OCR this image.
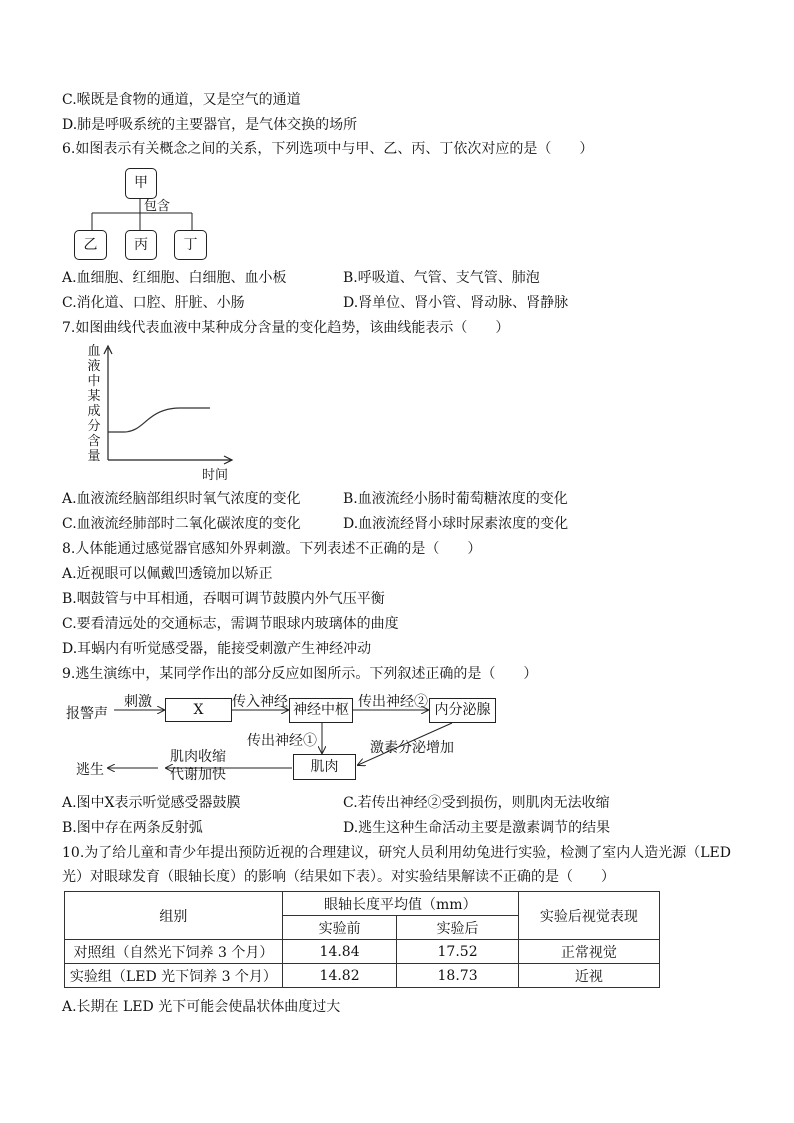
C.喉既是食物的通道，又是空气的通道
D.肺是呼吸系统的主要器官，是气体交换的场所
6.如图表示有关概念之间的关系，下列选项中与甲、乙、丙、丁依次对应的是（　　）
甲
包含
乙	丙	丁
A.血细胞、红细胞、白细胞、血小板	B.呼吸道、气管、支气管、肺泡
C.消化道、口腔、肝脏、小肠	D.肾单位、肾小管、肾动脉、肾静脉
7.如图曲线代表血液中某种成分含量的变化趋势，该曲线能表示（　　）
血
液
中
某
成
分
含
量
时间
A.血液流经脑部组织时氧气浓度的变化	B.血液流经小肠时葡萄糖浓度的变化
C.血液流经肺部时二氧化碳浓度的变化	D.血液流经肾小球时尿素浓度的变化
8.人体能通过感觉器官感知外界刺激。下列表述不正确的是（　　）
A.近视眼可以佩戴凹透镜加以矫正
B.咽鼓管与中耳相通，吞咽可调节鼓膜内外气压平衡
C.要看清远处的交通标志，需调节眼球内玻璃体的曲度
D.耳蜗内有听觉感受器，能接受刺激产生神经冲动
9.逃生演练中，某同学作出的部分反应如图所示。下列叙述正确的是（　　）
报警声
刺激	X	传入神经 神经中枢 传出神经② 内分泌腺
传出神经①	激素分泌增加
肌肉
肌肉收缩
代谢加快
逃生
A.图中X表示听觉感受器鼓膜	C.若传出神经②受到损伤，则肌肉无法收缩
B.图中存在两条反射弧	D.逃生这种生命活动主要是激素调节的结果
10.为了给儿童和青少年提出预防近视的合理建议，研究人员利用幼兔进行实验，检测了室内人造光源（LED
光）对眼球发育（眼轴长度）的影响（结果如下表）。对实验结果解读不正确的是（　　）
组别	眼轴长度平均值（mm）		实验后视觉表现
	实验前	实验后	
对照组（自然光下饲养 3 个月）	14.84	17.52	正常视觉
实验组（LED 光下饲养 3 个月）	14.82	18.73	近视
A.长期在 LED 光下可能会使晶状体曲度过大
